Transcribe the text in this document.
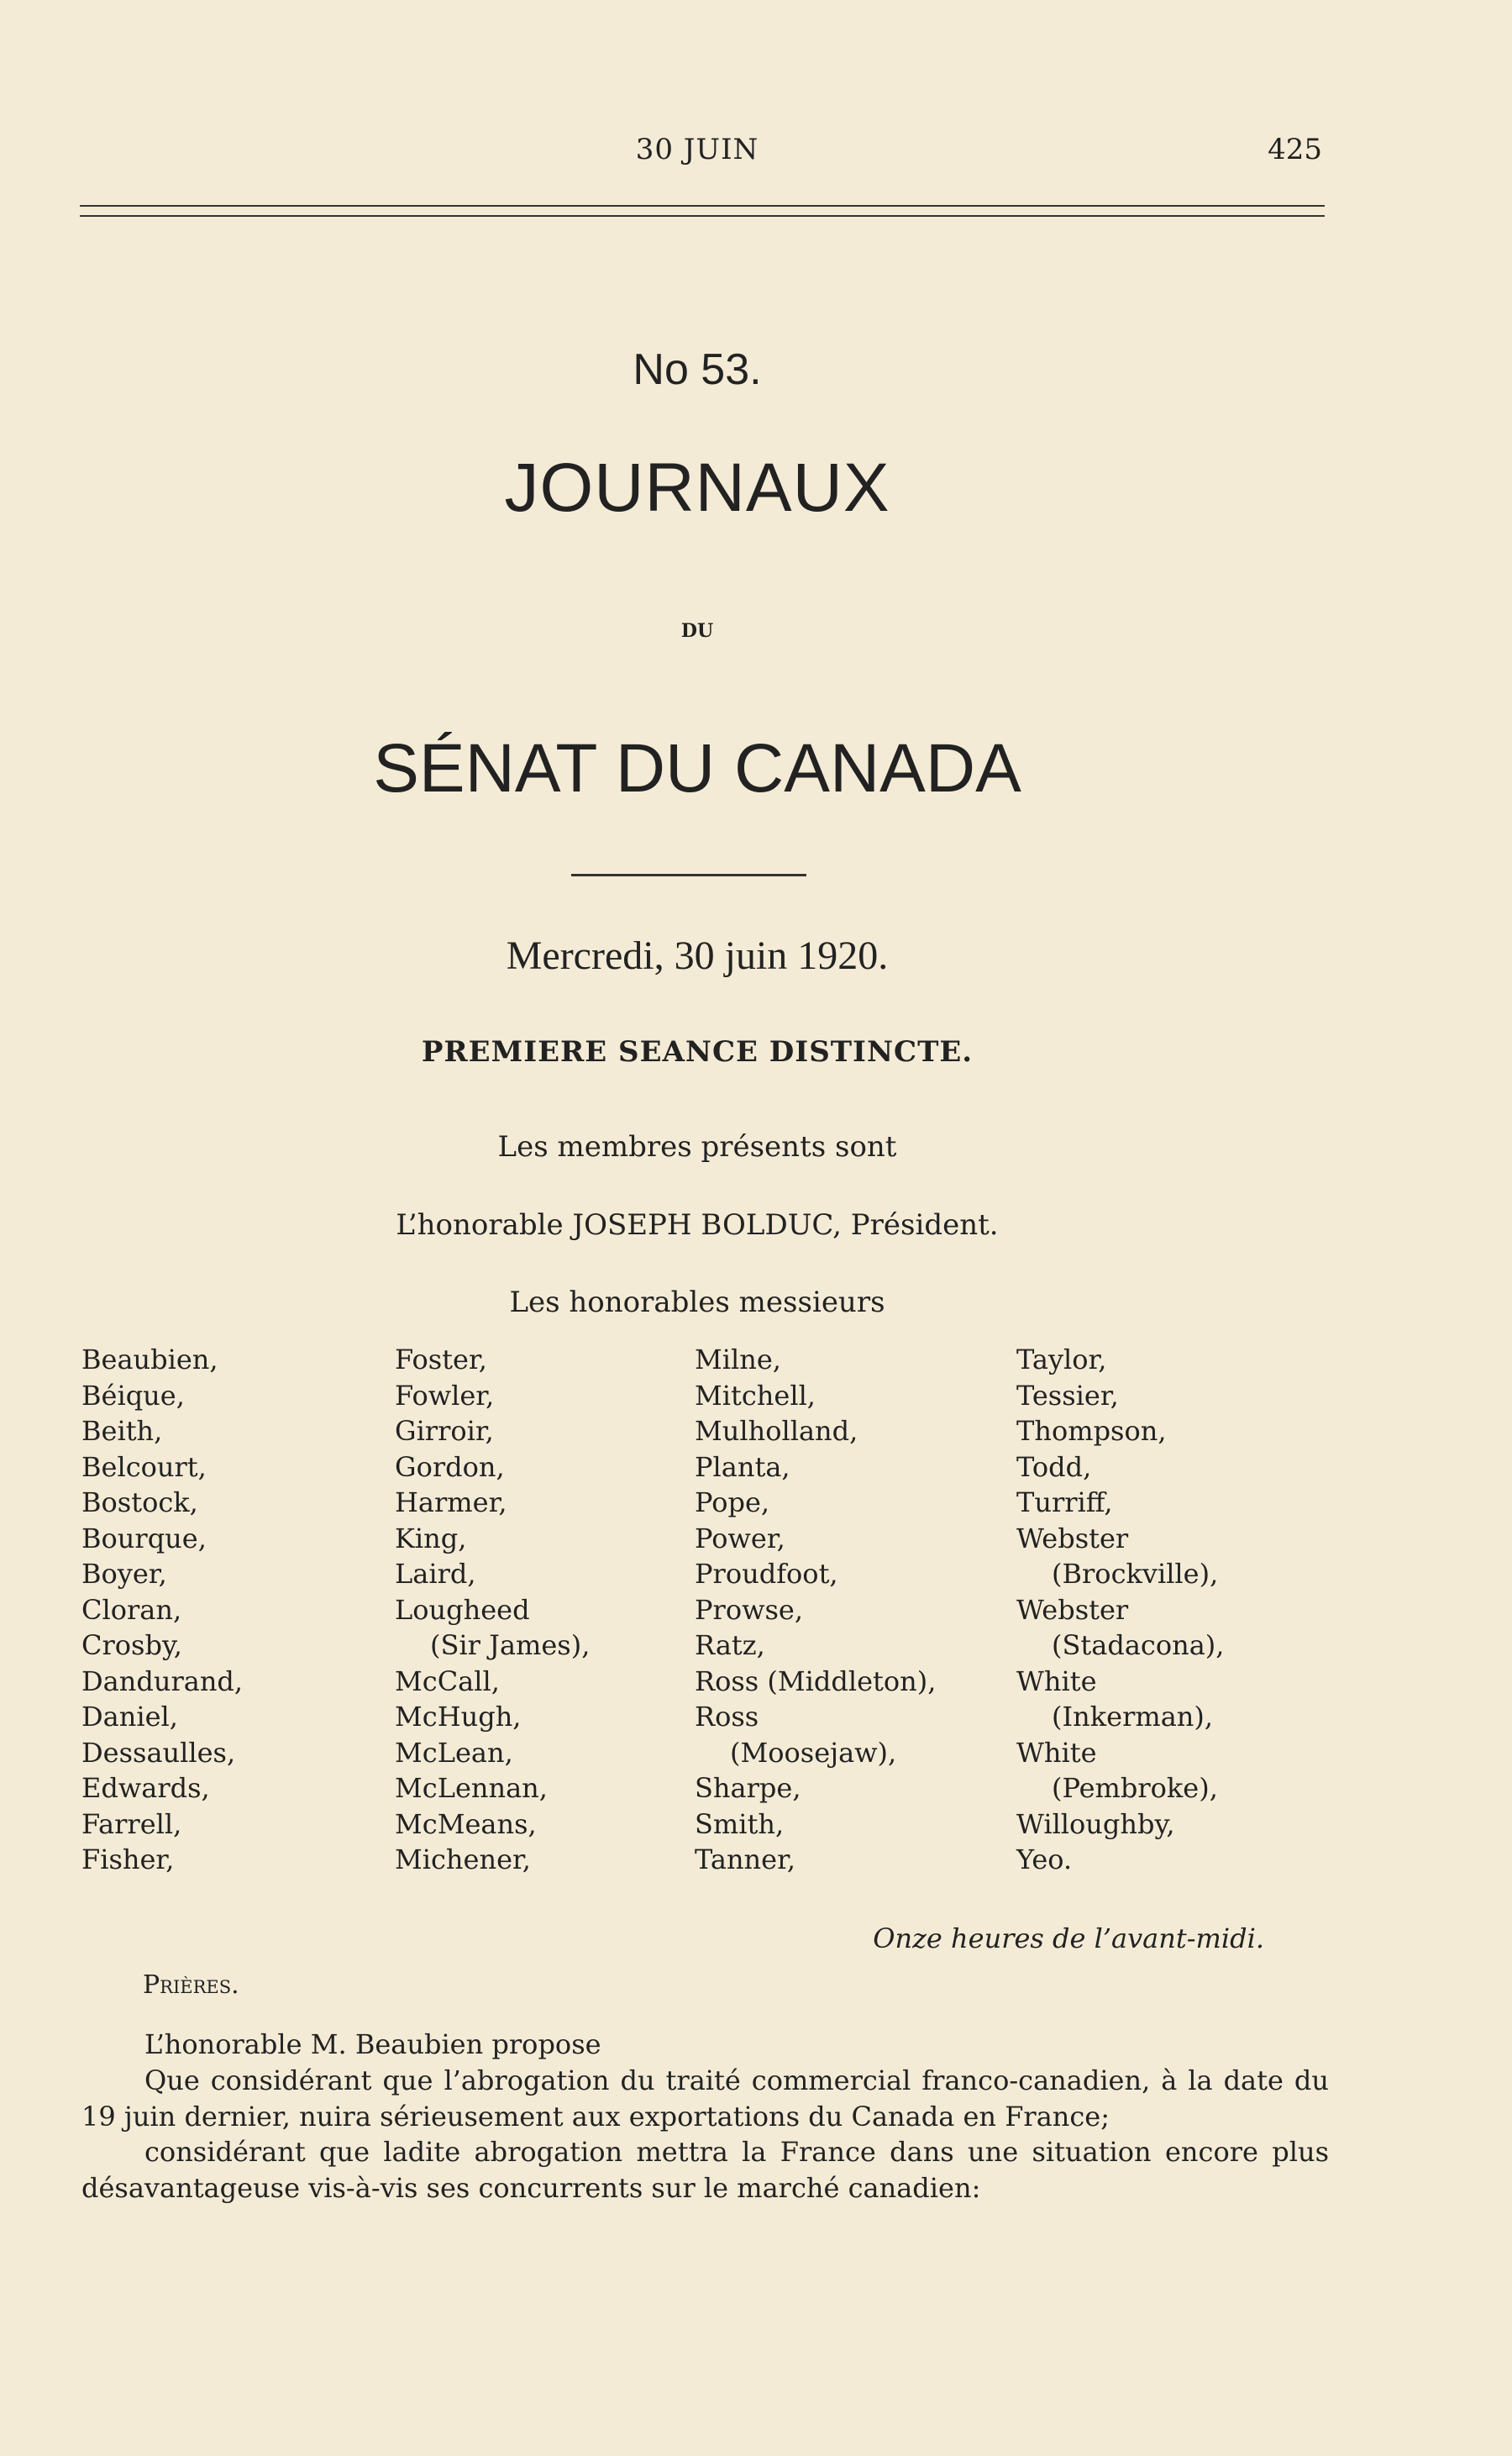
30 JUIN	425
No 53.
JOURNAUX
DU
SÉNAT DU CANADA
Mercredi, 30 juin 1920.
PREMIERE SEANCE DISTINCTE.
Les membres présents sont
L’honorable JOSEPH BOLDUC, Président.
Les honorables messieurs
Beaubien,
Béique,
Beith,
Belcourt,
Bostock,
Bourque,
Boyer,
Cloran,
Crosby,
Dandurand,
Daniel,
Dessaulles,
Edwards,
Farrell,
Fisher,
Foster,
Fowler,
Girroir,
Gordon,
Harmer,
King,
Laird,
Lougheed
(Sir James),
McCall,
McHugh,
McLean,
McLennan,
McMeans,
Michener,
Milne,
Mitchell,
Mulholland,
Planta,
Pope,
Power,
Proudfoot,
Prowse,
Ratz,
Ross (Middleton),
Ross
(Moosejaw),
Sharpe,
Smith,
Tanner,
Taylor,
Tessier,
Thompson,
Todd,
Turriff,
Webster
(Brockville),
Webster
(Stadacona),
White
(Inkerman),
White
(Pembroke),
Willoughby,
Yeo.
Onze heures de l’avant-midi.
Prières.
L’honorable M. Beaubien propose
Que considérant que l’abrogation du traité commercial franco-canadien, à la date du 19 juin dernier, nuira sérieusement aux exportations du Canada en France;
considérant que ladite abrogation mettra la France dans une situation encore plus désavantageuse vis-à-vis ses concurrents sur le marché canadien:
